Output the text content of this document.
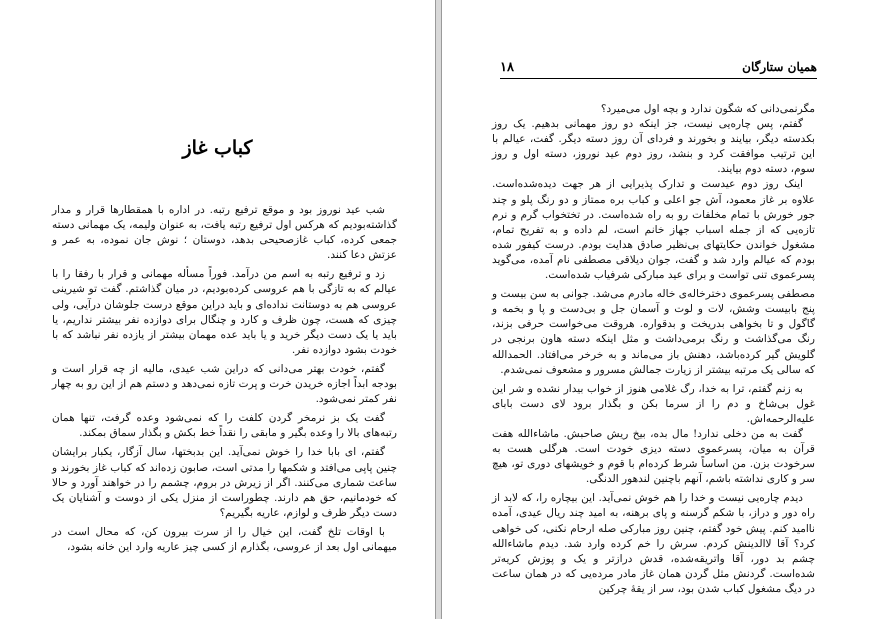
کباب غاز

شب عید نوروز بود و موقع ترفیع رتبه. در اداره با همقطارها قرار و مدار گذاشته‌بودیم که هرکس اول ترفیع رتبه یافت، به عنوان ولیمه، یک مهمانی دسته جمعی کرده، کباب غازصحیحی بدهد، دوستان ؛ نوش جان نموده، به عمر و عزتش دعا کنند.

زد و ترفیع رتبه به اسم من درآمد. فوراً مسأله مهمانی و قرار با رفقا را با عیالم که به تازگی با هم عروسی کرده‌بودیم، در میان گذاشتم. گفت تو شیرینی عروسی هم به دوستانت نداده‌ای و باید دراین موقع درست جلوشان درآیی، ولی چیزی که هست، چون ظرف و کارد و چنگال برای دوازده نفر بیشتر نداریم، یا باید یا یک دست دیگر خرید و یا باید عده مهمان بیشتر از یازده نفر نباشد که با خودت بشود دوازده نفر.

گفتم، خودت بهتر می‌دانی که دراین شب عیدی، مالیه از چه قرار است و بودجه ابداً اجازه خریدن خرت و پرت تازه نمی‌دهد و دستم هم از این رو به چهار نفر کمتر نمی‌شود.

گفت یک بز نرمخر گردن کلفت را که نمی‌شود وعده گرفت، تنها همان رتبه‌های بالا را وعده بگیر و مابقی را نقداً خط بکش و بگذار سماق بمکند.

گفتم، ای بابا خدا را خوش نمی‌آید. این بدبختها، سال آزگار، یکبار برایشان چنین پاپی می‌افتد و شکمها را مدتی است، صابون زده‌اند که کباب غاز بخورند و ساعت شماری می‌کنند. اگر از زیرش در بروم، چشمم را در خواهند آورد و حالا که خودمانیم، حق هم دارند. چطوراست از منزل یکی از دوست و آشنایان یک دست دیگر ظرف و لوازم، عاریه بگیریم؟

با اوقات تلخ گفت، این خیال را از سرت بیرون کن، که محال است در میهمانی اول بعد از عروسی، بگذارم از کسی چیز عاریه وارد این خانه بشود،

همیان ستارگان
۱۸

مگرنمی‌دانی که شگون ندارد و بچه اول می‌میرد؟

گفتم، پس چاره‌یی نیست، جز اینکه دو روز مهمانی بدهیم. یک روز بکدسته دیگر، بیایند و بخورند و فردای آن روز دسته دیگر. گفت، عیالم با این ترتیب موافقت کرد و بنشد، روز دوم عید نوروز، دسته اول و روز سوم، دسته دوم بیایند.

اینک روز دوم عیدست و تدارک پذیرایی از هر جهت دیده‌شده‌است. علاوه بر غاز معمود، آش جو اعلی و کباب بره ممتاز و دو رنگ پلو و چند جور خورش با تمام مخلفات رو به راه شده‌است. در تختخواب گرم و نرم تازه‌یی که از جمله اسباب جهاز خانم است، لم داده و به تفریح تمام، مشغول خواندن حکایتهای بی‌نظیر صادق هدایت بودم. درست کیفور شده بودم که عیالم وارد شد و گفت، جوان دیلاقی مصطفی نام آمده، می‌گوید پسرعموی تنی تواست و برای عید مبارکی شرفیاب شده‌است.

مصطفی پسرعموی دخترخاله‌ی خاله مادرم می‌شد. جوانی به سن بیست و پنج بابیست وشش، لات و لوت و آسمان جل و بی‌دست و پا و بخمه و گاگول و تا بخواهی بدریخت و بدقواره. هروقت می‌خواست حرفی بزند، رنگ می‌گذاشت و رنگ برمی‌داشت و مثل اینکه دسته هاون برنجی در گلویش گیر کرده‌باشد، دهنش باز می‌ماند و به خرخر می‌افتاد. الحمدالله که سالی یک مرتبه بیشتر از زیارت جمالش مسرور و مشعوف نمی‌شدم.

به زنم گفتم، ترا به خدا، رگ غلامی هنوز از خواب بیدار نشده و شر این غول بی‌شاخ و دم را از سرما بکن و بگذار برود لای دست بابای علیه‌الرحمه‌اش.

گفت به من دخلی ندارد! مال بده، بیخ ریش صاحبش. ماشاءالله هفت قرآن به میان، پسرعموی دسته دیزی خودت است. هرگلی هست به سرخودت بزن. من اساساً شرط کرده‌ام با قوم و خویشهای دوری تو، هیچ سر و کاری نداشته باشم، آنهم باچنین لندهور الدنگی.

دیدم چاره‌یی نیست و خدا را هم خوش نمی‌آید. این بیچاره را، که لابد از راه دور و دراز، با شکم گرسنه و پای برهنه، به امید چند ریال عیدی، آمده ناامید کنم. پیش خود گفتم، چنین روز مبارکی صله ارحام نکنی، کی خواهی کرد؟ آقا لاالدینش کردم. سرش را خم کرده وارد شد. دیدم ماشاءالله چشم بد دور، آقا واتریقه‌شده، قدش درازتر و یک و پوزش کریه‌تر شده‌است. گردنش مثل گردن همان غاز مادر مرده‌یی که در همان ساعت در دیگ مشغول کباب شدن بود، سر از یقهٔ چرکین
